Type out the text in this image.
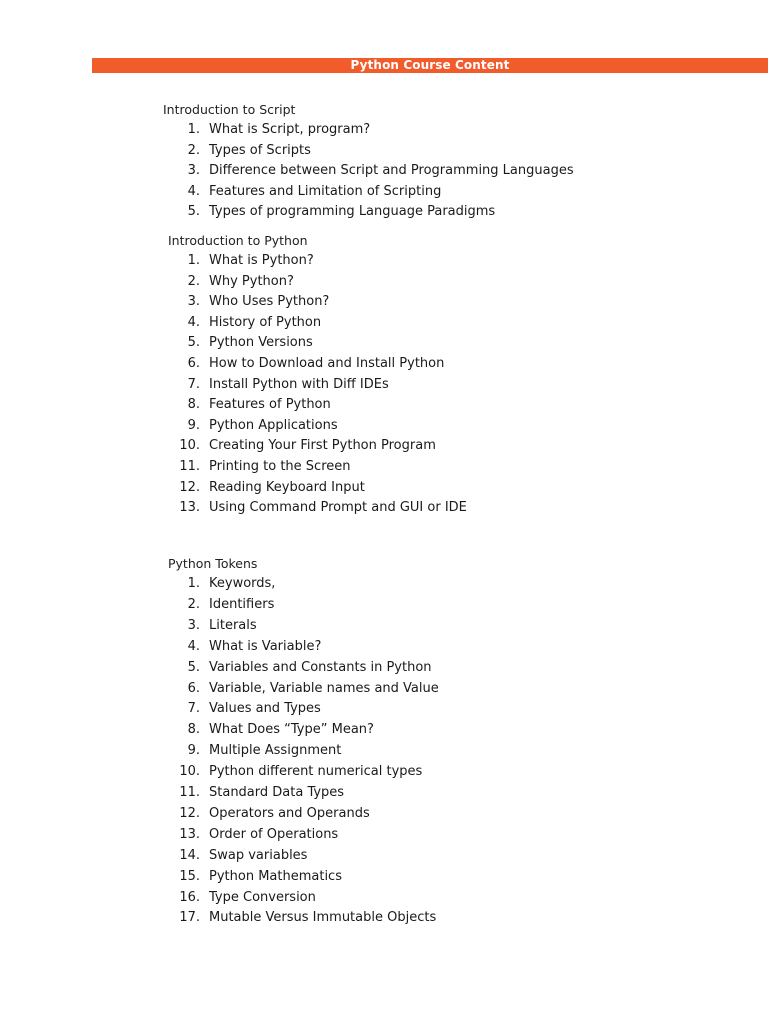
Python Course Content
Introduction to Script
1. What is Script, program?
2. Types of Scripts
3. Difference between Script and Programming Languages
4. Features and Limitation of Scripting
5. Types of programming Language Paradigms
Introduction to Python
1. What is Python?
2. Why Python?
3. Who Uses Python?
4. History of Python
5. Python Versions
6. How to Download and Install Python
7. Install Python with Diff IDEs
8. Features of Python
9. Python Applications
10. Creating Your First Python Program
11. Printing to the Screen
12. Reading Keyboard Input
13. Using Command Prompt and GUI or IDE
Python Tokens
1. Keywords,
2. Identifiers
3. Literals
4. What is Variable?
5. Variables and Constants in Python
6. Variable, Variable names and Value
7. Values and Types
8. What Does “Type” Mean?
9. Multiple Assignment
10. Python different numerical types
11. Standard Data Types
12. Operators and Operands
13. Order of Operations
14. Swap variables
15. Python Mathematics
16. Type Conversion
17. Mutable Versus Immutable Objects
